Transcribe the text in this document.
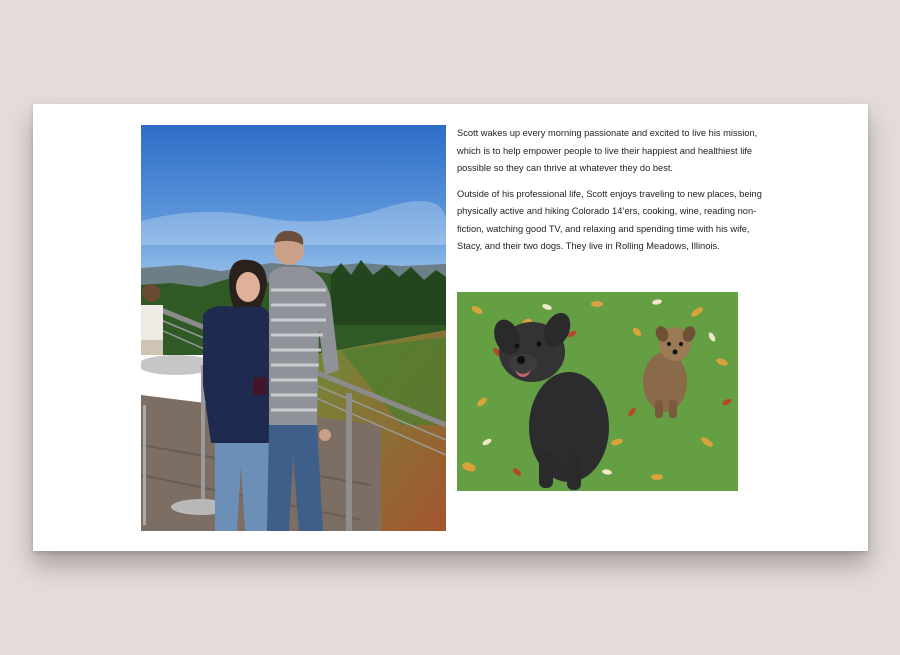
Scott wakes up every morning passionate and excited to live his mission, which is to help empower people to live their happiest and healthiest life possible so they can thrive at whatever they do best.

Outside of his professional life, Scott enjoys traveling to new places, being physically active and hiking Colorado 14’ers, cooking, wine, reading non-fiction, watching good TV, and relaxing and spending time with his wife, Stacy, and their two dogs. They live in Rolling Meadows, Illinois.
